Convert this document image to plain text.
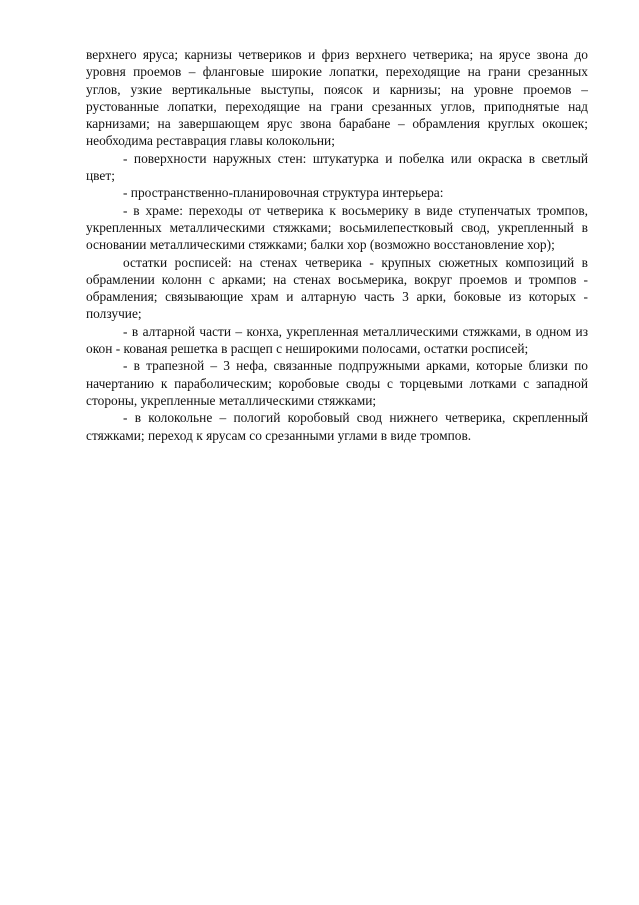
верхнего яруса; карнизы четвериков и фриз верхнего четверика; на ярусе звона до уровня проемов – фланговые широкие лопатки, переходящие на грани срезанных углов, узкие вертикальные выступы, поясок и карнизы; на уровне проемов – рустованные лопатки, переходящие на грани срезанных углов, приподнятые над карнизами; на завершающем ярус звона барабане – обрамления круглых окошек; необходима реставрация главы колокольни;

- поверхности наружных стен: штукатурка и побелка или окраска в светлый цвет;

- пространственно-планировочная структура интерьера:

- в храме: переходы от четверика к восьмерику в виде ступенчатых тромпов, укрепленных металлическими стяжками; восьмилепестковый свод, укрепленный в основании металлическими стяжками; балки хор (возможно восстановление хор);

остатки росписей: на стенах четверика - крупных сюжетных композиций в обрамлении колонн с арками; на стенах восьмерика, вокруг проемов и тромпов - обрамления; связывающие храм и алтарную часть 3 арки, боковые из которых - ползучие;

- в алтарной части – конха, укрепленная металлическими стяжками, в одном из окон - кованая решетка в расщеп с неширокими полосами, остатки росписей;

- в трапезной – 3 нефа, связанные подпружными арками, которые близки по начертанию к параболическим; коробовые своды с торцевыми лотками с западной стороны, укрепленные металлическими стяжками;

- в колокольне – пологий коробовый свод нижнего четверика, скрепленный стяжками; переход к ярусам со срезанными углами в виде тромпов.
